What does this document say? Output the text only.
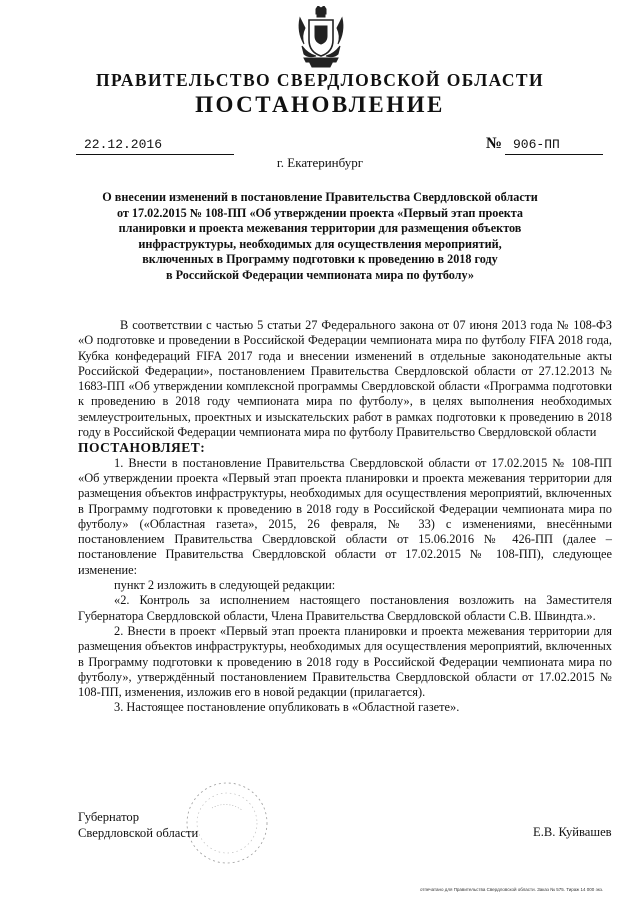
ПРАВИТЕЛЬСТВО СВЕРДЛОВСКОЙ ОБЛАСТИ
ПОСТАНОВЛЕНИЕ
22.12.2016	№ 906-ПП
г. Екатеринбург
О внесении изменений в постановление Правительства Свердловской области
от 17.02.2015 № 108-ПП «Об утверждении проекта «Первый этап проекта
планировки и проекта межевания территории для размещения объектов
инфраструктуры, необходимых для осуществления мероприятий,
включенных в Программу подготовки к проведению в 2018 году
в Российской Федерации чемпионата мира по футболу»

В соответствии с частью 5 статьи 27 Федерального закона от 07 июня 2013 года № 108-ФЗ «О подготовке и проведении в Российской Федерации чемпионата мира по футболу FIFA 2018 года, Кубка конфедераций FIFA 2017 года и внесении изменений в отдельные законодательные акты Российской Федерации», постановлением Правительства Свердловской области от 27.12.2013 № 1683-ПП «Об утверждении комплексной программы Свердловской области «Программа подготовки к проведению в 2018 году чемпионата мира по футболу», в целях выполнения необходимых землеустроительных, проектных и изыскательских работ в рамках подготовки к проведению в 2018 году в Российской Федерации чемпионата мира по футболу Правительство Свердловской области

ПОСТАНОВЛЯЕТ:

1. Внести в постановление Правительства Свердловской области от 17.02.2015 № 108-ПП «Об утверждении проекта «Первый этап проекта планировки и проекта межевания территории для размещения объектов инфраструктуры, необходимых для осуществления мероприятий, включенных в Программу подготовки к проведению в 2018 году в Российской Федерации чемпионата мира по футболу» («Областная газета», 2015, 26 февраля, № 33) с изменениями, внесёнными постановлением Правительства Свердловской области от 15.06.2016 № 426-ПП (далее – постановление Правительства Свердловской области от 17.02.2015 № 108-ПП), следующее изменение:

пункт 2 изложить в следующей редакции:

«2. Контроль за исполнением настоящего постановления возложить на Заместителя Губернатора Свердловской области, Члена Правительства Свердловской области С.В. Швиндта.».

2. Внести в проект «Первый этап проекта планировки и проекта межевания территории для размещения объектов инфраструктуры, необходимых для осуществления мероприятий, включенных в Программу подготовки к проведению в 2018 году в Российской Федерации чемпионата мира по футболу», утверждённый постановлением Правительства Свердловской области от 17.02.2015 № 108-ПП, изменения, изложив его в новой редакции (прилагается).

3. Настоящее постановление опубликовать в «Областной газете».

Губернатор
Свердловской области	Е.В. Куйвашев
отпечатано для Правительства Свердловской области. Заказ № 575. Тираж 14 000 экз.
